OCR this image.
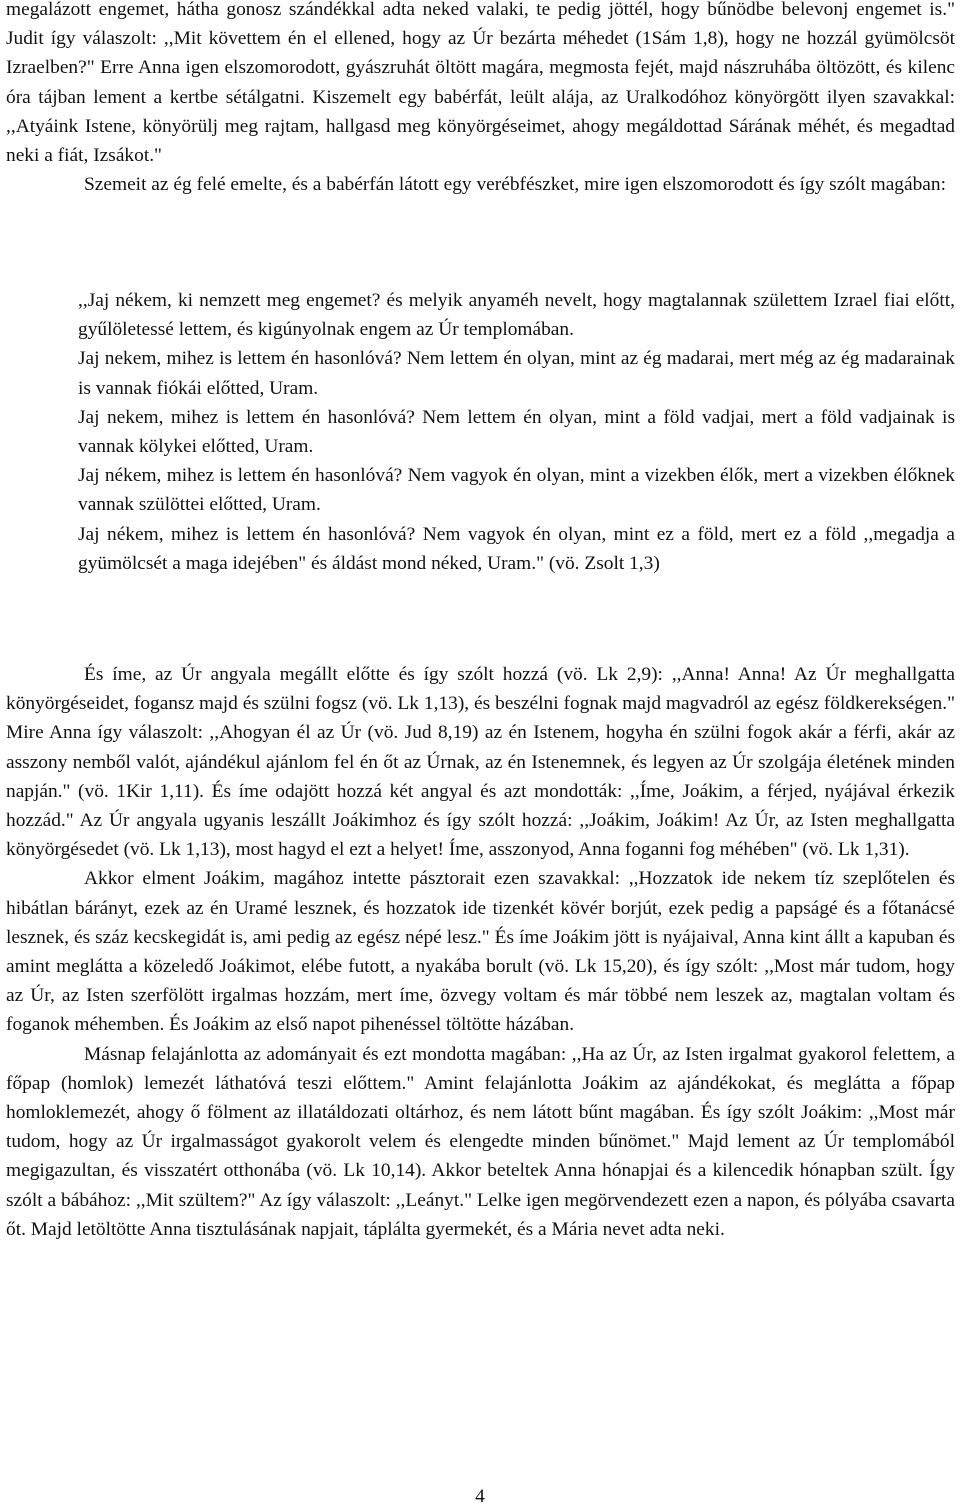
megalázott engemet, hátha gonosz szándékkal adta neked valaki, te pedig jöttél, hogy bűnödbe belevonj engemet is." Judit így válaszolt: ,,Mit követtem én el ellened, hogy az Úr bezárta méhedet (1Sám 1,8), hogy ne hozzál gyümölcsöt Izraelben?" Erre Anna igen elszomorodott, gyászruhát öltött magára, megmosta fejét, majd nászruhába öltözött, és kilenc óra tájban lement a kertbe sétálgatni. Kiszemelt egy babérfát, leült alája, az Uralkodóhoz könyörgött ilyen szavakkal: ,,Atyáink Istene, könyörülj meg rajtam, hallgasd meg könyörgéseimet, ahogy megáldottad Sárának méhét, és megadtad neki a fiát, Izsákot."

Szemeit az ég felé emelte, és a babérfán látott egy verébfészket, mire igen elszomorodott és így szólt magában:

,,Jaj nékem, ki nemzett meg engemet? és melyik anyaméh nevelt, hogy magtalannak születtem Izrael fiai előtt, gyűlöletessé lettem, és kigúnyolnak engem az Úr templomában.

Jaj nekem, mihez is lettem én hasonlóvá? Nem lettem én olyan, mint az ég madarai, mert még az ég madarainak is vannak fiókái előtted, Uram.

Jaj nekem, mihez is lettem én hasonlóvá? Nem lettem én olyan, mint a föld vadjai, mert a föld vadjainak is vannak kölykei előtted, Uram.

Jaj nékem, mihez is lettem én hasonlóvá? Nem vagyok én olyan, mint a vizekben élők, mert a vizekben élőknek vannak szülöttei előtted, Uram.

Jaj nékem, mihez is lettem én hasonlóvá? Nem vagyok én olyan, mint ez a föld, mert ez a föld ,,megadja a gyümölcsét a maga idejében" és áldást mond néked, Uram." (vö. Zsolt 1,3)

És íme, az Úr angyala megállt előtte és így szólt hozzá (vö. Lk 2,9): ,,Anna! Anna! Az Úr meghallgatta könyörgéseidet, fogansz majd és szülni fogsz (vö. Lk 1,13), és beszélni fognak majd magvadról az egész földkerekségen." Mire Anna így válaszolt: ,,Ahogyan él az Úr (vö. Jud 8,19) az én Istenem, hogyha én szülni fogok akár a férfi, akár az asszony nemből valót, ajándékul ajánlom fel én őt az Úrnak, az én Istenemnek, és legyen az Úr szolgája életének minden napján." (vö. 1Kir 1,11). És íme odajött hozzá két angyal és azt mondották: ,,Íme, Joákim, a férjed, nyájával érkezik hozzád." Az Úr angyala ugyanis leszállt Joákimhoz és így szólt hozzá: ,,Joákim, Joákim! Az Úr, az Isten meghallgatta könyörgésedet (vö. Lk 1,13), most hagyd el ezt a helyet! Íme, asszonyod, Anna foganni fog méhében" (vö. Lk 1,31).

Akkor elment Joákim, magához intette pásztorait ezen szavakkal: ,,Hozzatok ide nekem tíz szeplőtelen és hibátlan bárányt, ezek az én Uramé lesznek, és hozzatok ide tizenkét kövér borjút, ezek pedig a papságé és a főtanácsé lesznek, és száz kecskegidát is, ami pedig az egész népé lesz." És íme Joákim jött is nyájaival, Anna kint állt a kapuban és amint meglátta a közeledő Joákimot, elébe futott, a nyakába borult (vö. Lk 15,20), és így szólt: ,,Most már tudom, hogy az Úr, az Isten szerfölött irgalmas hozzám, mert íme, özvegy voltam és már többé nem leszek az, magtalan voltam és foganok méhemben. És Joákim az első napot pihenéssel töltötte házában.

Másnap felajánlotta az adományait és ezt mondotta magában: ,,Ha az Úr, az Isten irgalmat gyakorol felettem, a főpap (homlok) lemezét láthatóvá teszi előttem." Amint felajánlotta Joákim az ajándékokat, és meglátta a főpap homloklemezét, ahogy ő fölment az illatáldozati oltárhoz, és nem látott bűnt magában. És így szólt Joákim: ,,Most már tudom, hogy az Úr irgalmasságot gyakorolt velem és elengedte minden bűnömet." Majd lement az Úr templomából megigazultan, és visszatért otthonába (vö. Lk 10,14). Akkor beteltek Anna hónapjai és a kilencedik hónapban szült. Így szólt a bábához: ,,Mit szültem?" Az így válaszolt: ,,Leányt." Lelke igen megörvendezett ezen a napon, és pólyába csavarta őt. Majd letöltötte Anna tisztulásának napjait, táplálta gyermekét, és a Mária nevet adta neki.

4
